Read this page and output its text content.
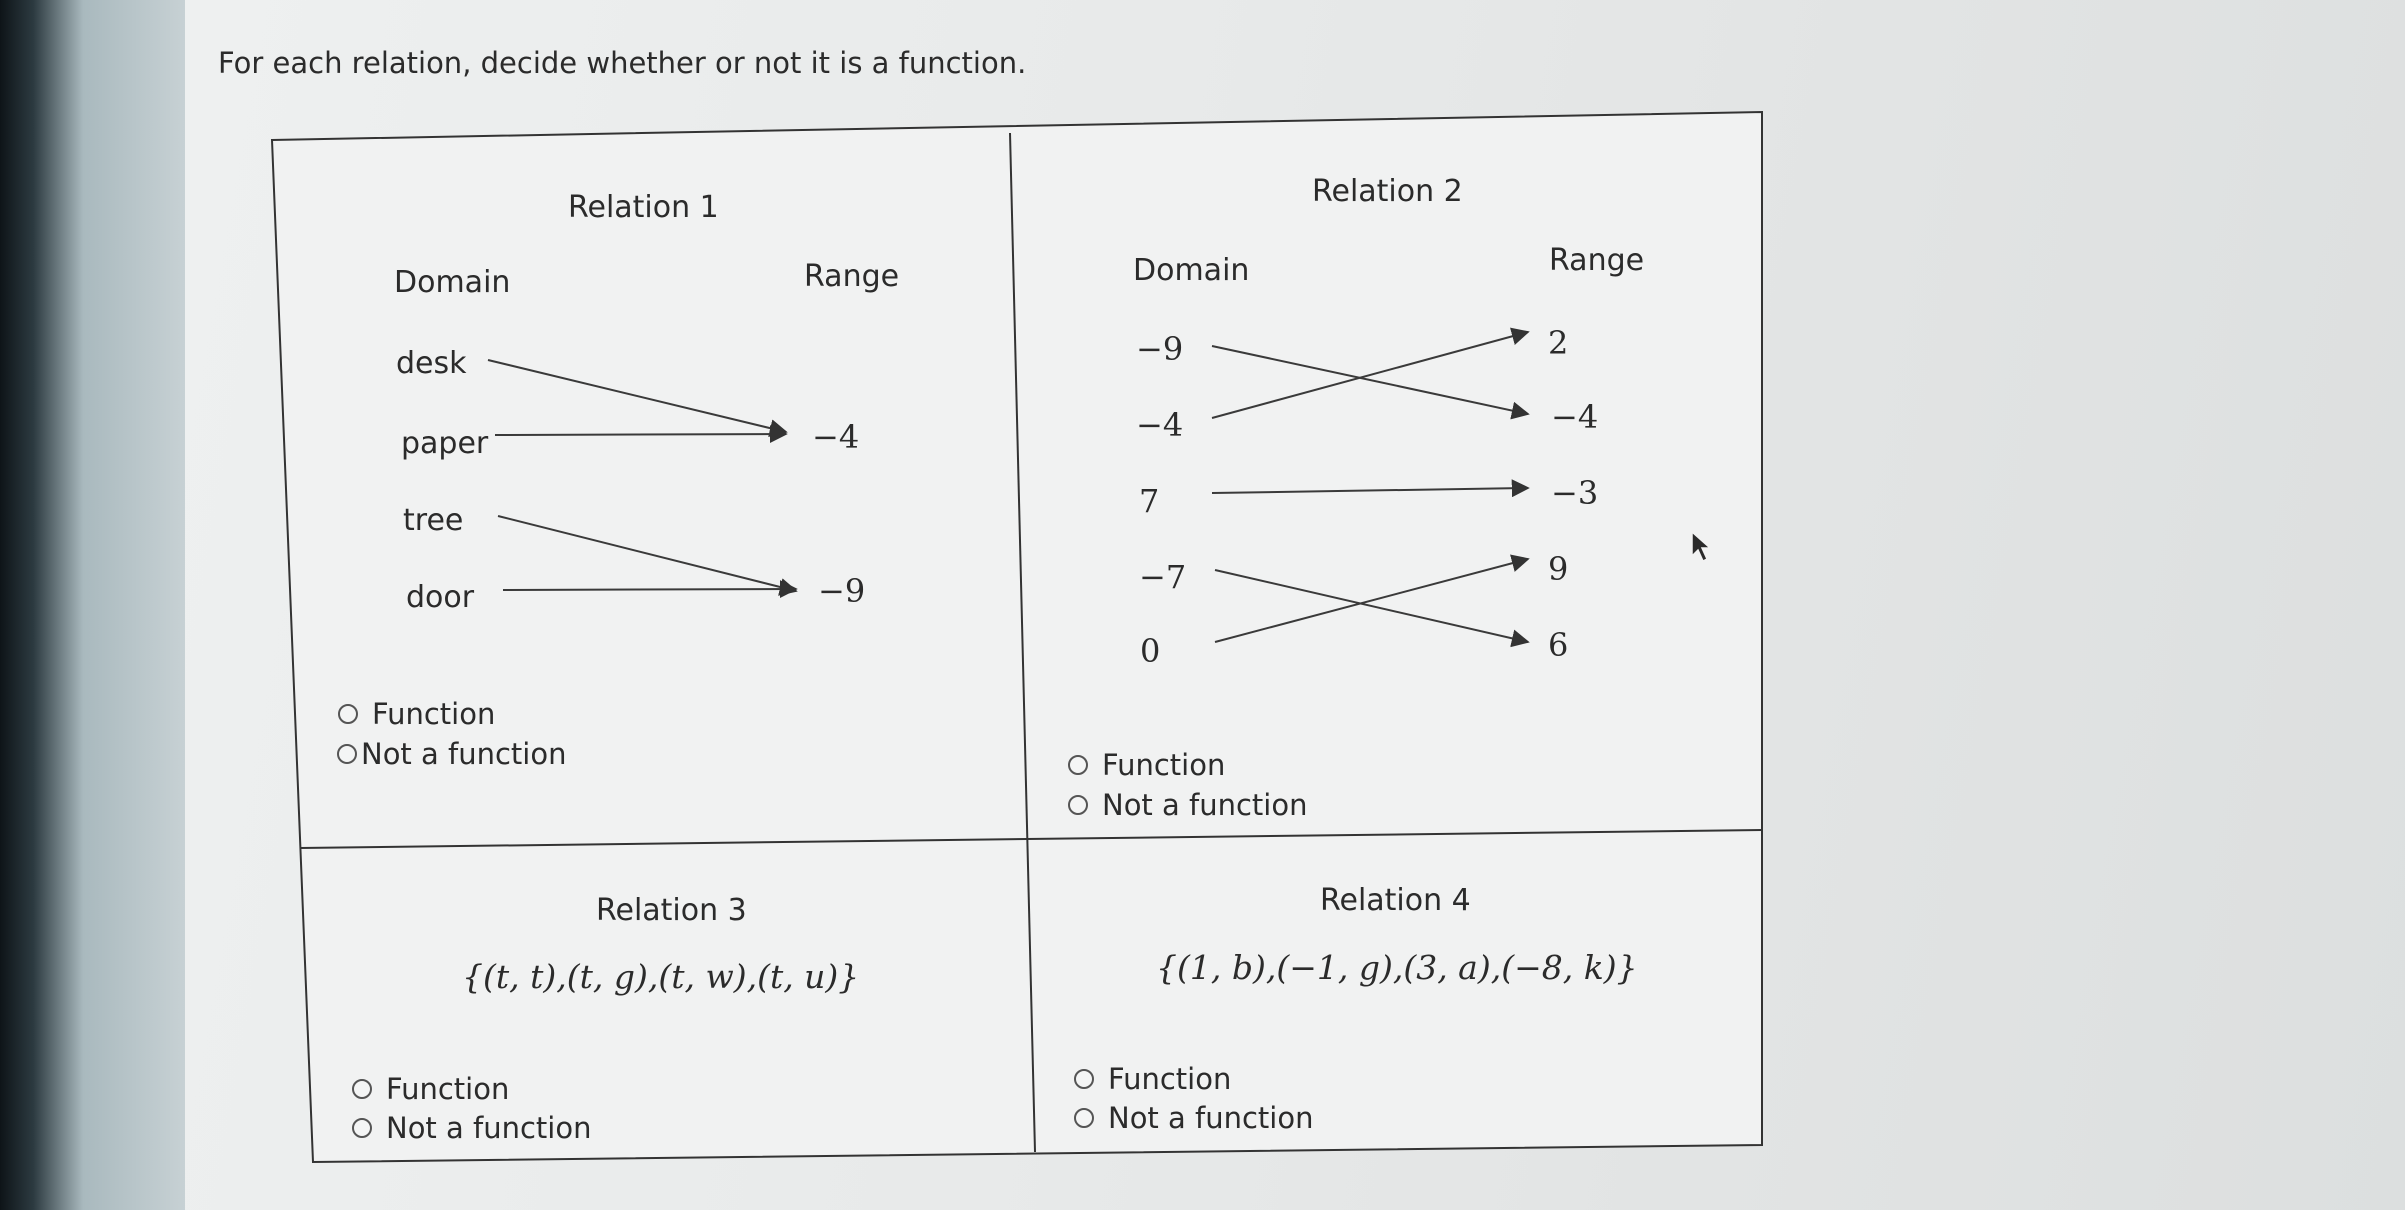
For each relation, decide whether or not it is a function.
Relation 1
Domain	Range
desk
paper
tree
door
−4
−9
Function
Not a function
Relation 2
Domain	Range
−9
−4
7
−7
0
2
−4
−3
9
6
Function
Not a function
Relation 3
{(t, t),(t, g),(t, w),(t, u)}
Function
Not a function
Relation 4
{(1, b),(−1, g),(3, a),(−8, k)}
Function
Not a function
